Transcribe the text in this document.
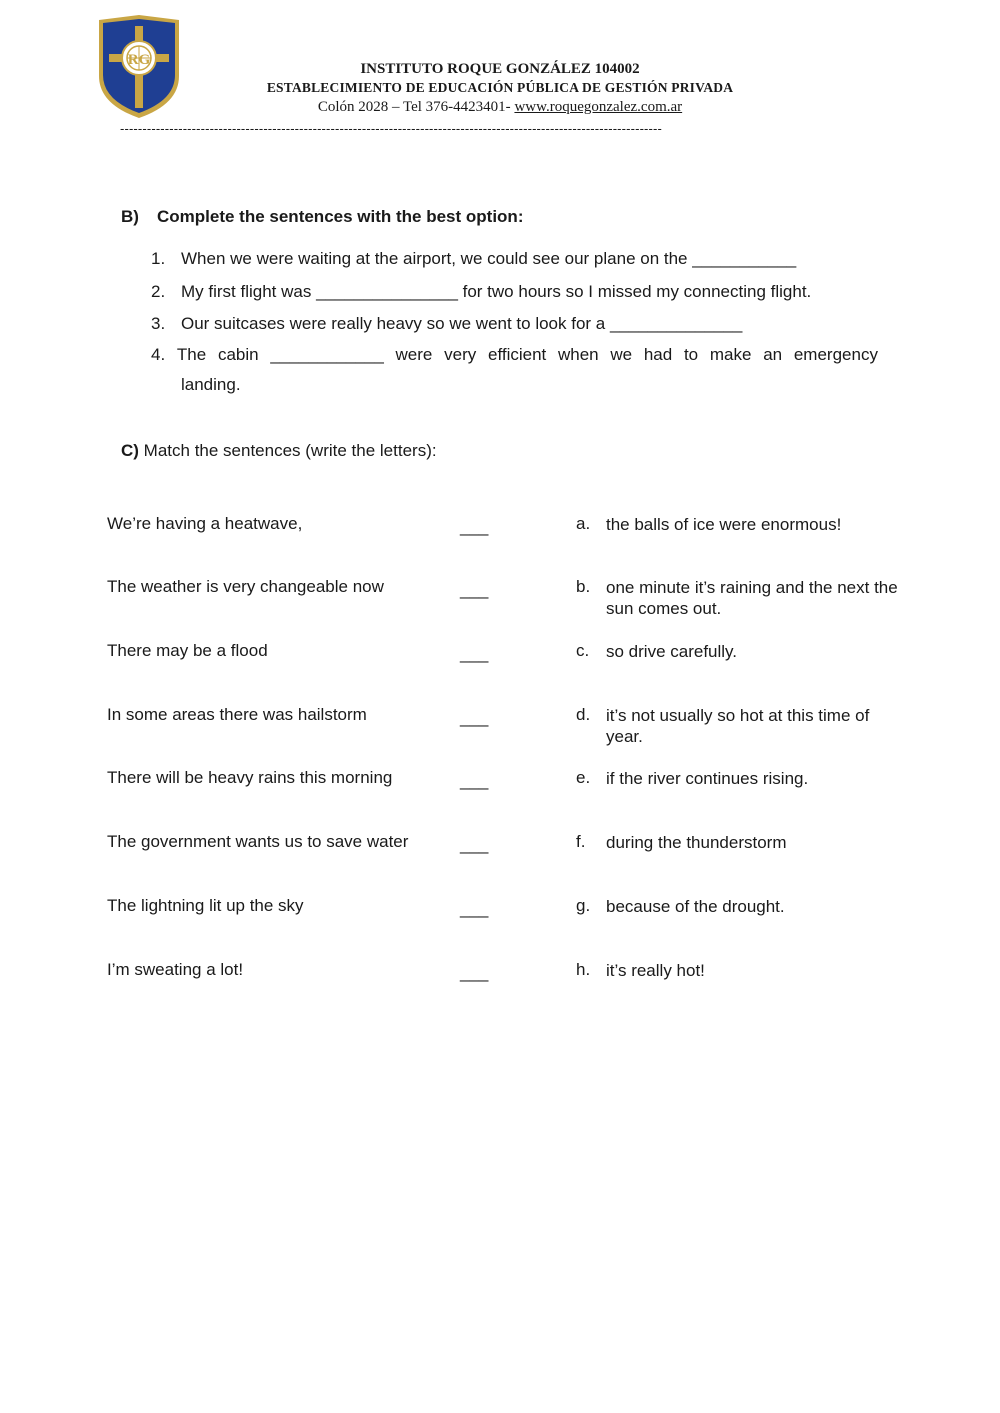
RG
INSTITUTO ROQUE GONZÁLEZ 104002
ESTABLECIMIENTO DE EDUCACIÓN PÚBLICA DE GESTIÓN PRIVADA
Colón 2028 – Tel 376-4423401- www.roquegonzalez.com.ar
-------------------------------------------------------------------------------------------------------------------------
B) Complete the sentences with the best option:
1. When we were waiting at the airport, we could see our plane on the ___________
2. My first flight was _______________ for two hours so I missed my connecting flight.
3. Our suitcases were really heavy so we went to look for a ______________
4. The cabin ____________ were very efficient when we had to make an emergency
landing.
C) Match the sentences (write the letters):
We’re having a heatwave,	___	a. the balls of ice were enormous!
The weather is very changeable now	___	b. one minute it’s raining and the next the sun comes out.
There may be a flood	___	c. so drive carefully.
In some areas there was hailstorm	___	d. it’s not usually so hot at this time of year.
There will be heavy rains this morning	___	e. if the river continues rising.
The government wants us to save water	___	f. during the thunderstorm
The lightning lit up the sky	___	g. because of the drought.
I’m sweating a lot!	___	h. it’s really hot!
